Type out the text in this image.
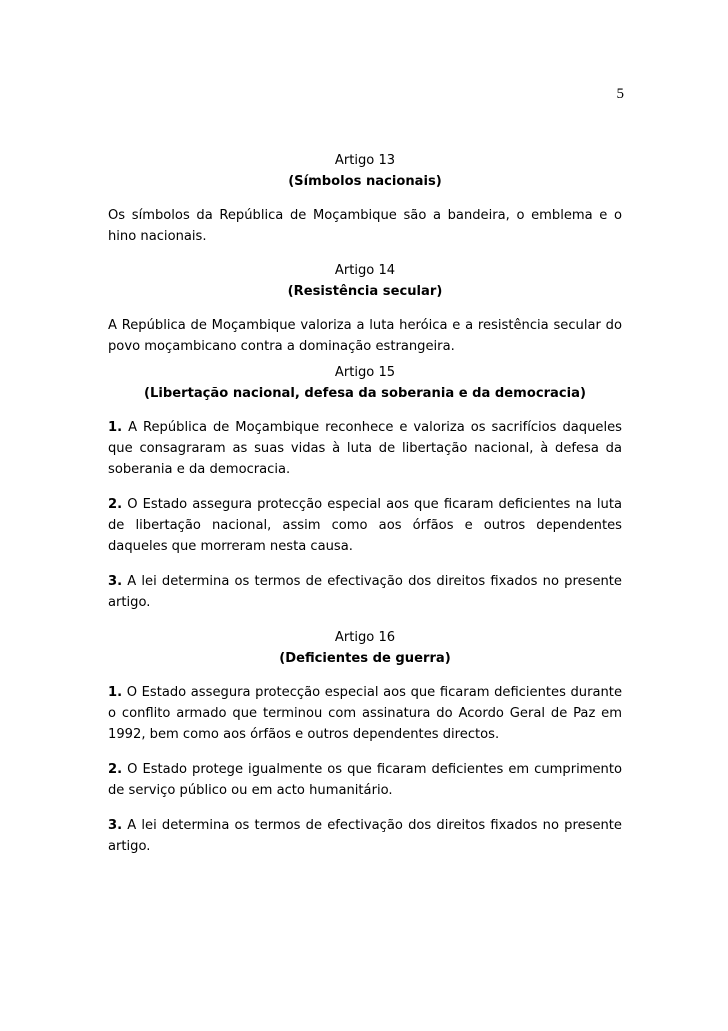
5

Artigo 13

(Símbolos nacionais)

Os símbolos da República de Moçambique são a bandeira, o emblema e o hino nacionais.

Artigo 14

(Resistência secular)

A República de Moçambique valoriza a luta heróica e a resistência secular do povo moçambicano contra a dominação estrangeira.

Artigo 15

(Libertação nacional, defesa da soberania e da democracia)

1. A República de Moçambique reconhece e valoriza os sacrifícios daqueles que consagraram as suas vidas à luta de libertação nacional, à defesa da soberania e da democracia.

2. O Estado assegura protecção especial aos que ficaram deficientes na luta de libertação nacional, assim como aos órfãos e outros dependentes daqueles que morreram nesta causa.

3. A lei determina os termos de efectivação dos direitos fixados no presente artigo.

Artigo 16

(Deficientes de guerra)

1. O Estado assegura protecção especial aos que ficaram deficientes durante o conflito armado que terminou com assinatura do Acordo Geral de Paz em 1992, bem como aos órfãos e outros dependentes directos.

2. O Estado protege igualmente os que ficaram deficientes em cumprimento de serviço público ou em acto humanitário.

3. A lei determina os termos de efectivação dos direitos fixados no presente artigo.
